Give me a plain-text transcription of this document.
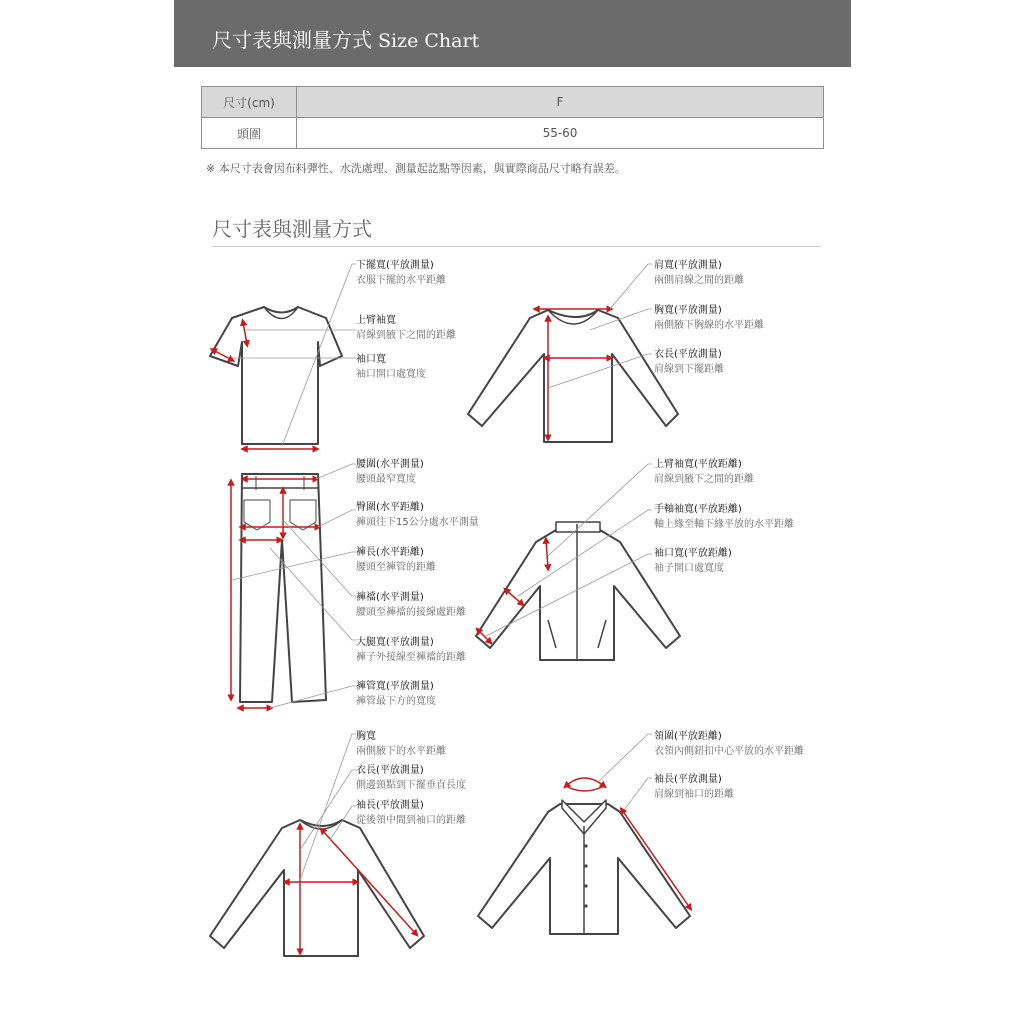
尺寸表與測量方式 Size Chart
尺寸(cm)	F
頭圍	55-60
※ 本尺寸表會因布料彈性、水洗處理、測量起訖點等因素，與實際商品尺寸略有誤差。
尺寸表與測量方式
下擺寬(平放測量)
衣服下擺的水平距離
上臂袖寬
肩線到腋下之間的距離
袖口寬
袖口開口處寬度
腰圍(水平測量)
腰頭最窄寬度
臀圍(水平距離)
褲頭往下15公分處水平測量
褲長(水平距離)
腰頭至褲管的距離
褲襠(水平測量)
腰頭至褲襠的接線處距離
大腿寬(平放測量)
褲子外接線至褲襠的距離
褲管寬(平放測量)
褲管最下方的寬度
胸寬
兩側腋下的水平距離
衣長(平放測量)
側邊頸點到下擺垂直長度
袖長(平放測量)
從後領中間到袖口的距離
肩寬(平放測量)
兩側肩線之間的距離
胸寬(平放測量)
兩側腋下胸線的水平距離
衣長(平放測量)
肩線到下擺距離
上臂袖寬(平放距離)
肩線到腋下之間的距離
手軸袖寬(平放距離)
軸上緣至軸下緣平放的水平距離
袖口寬(平放距離)
袖子開口處寬度
領圍(平放距離)
衣領內側鈕扣中心平放的水平距離
袖長(平放測量)
肩線到袖口的距離
